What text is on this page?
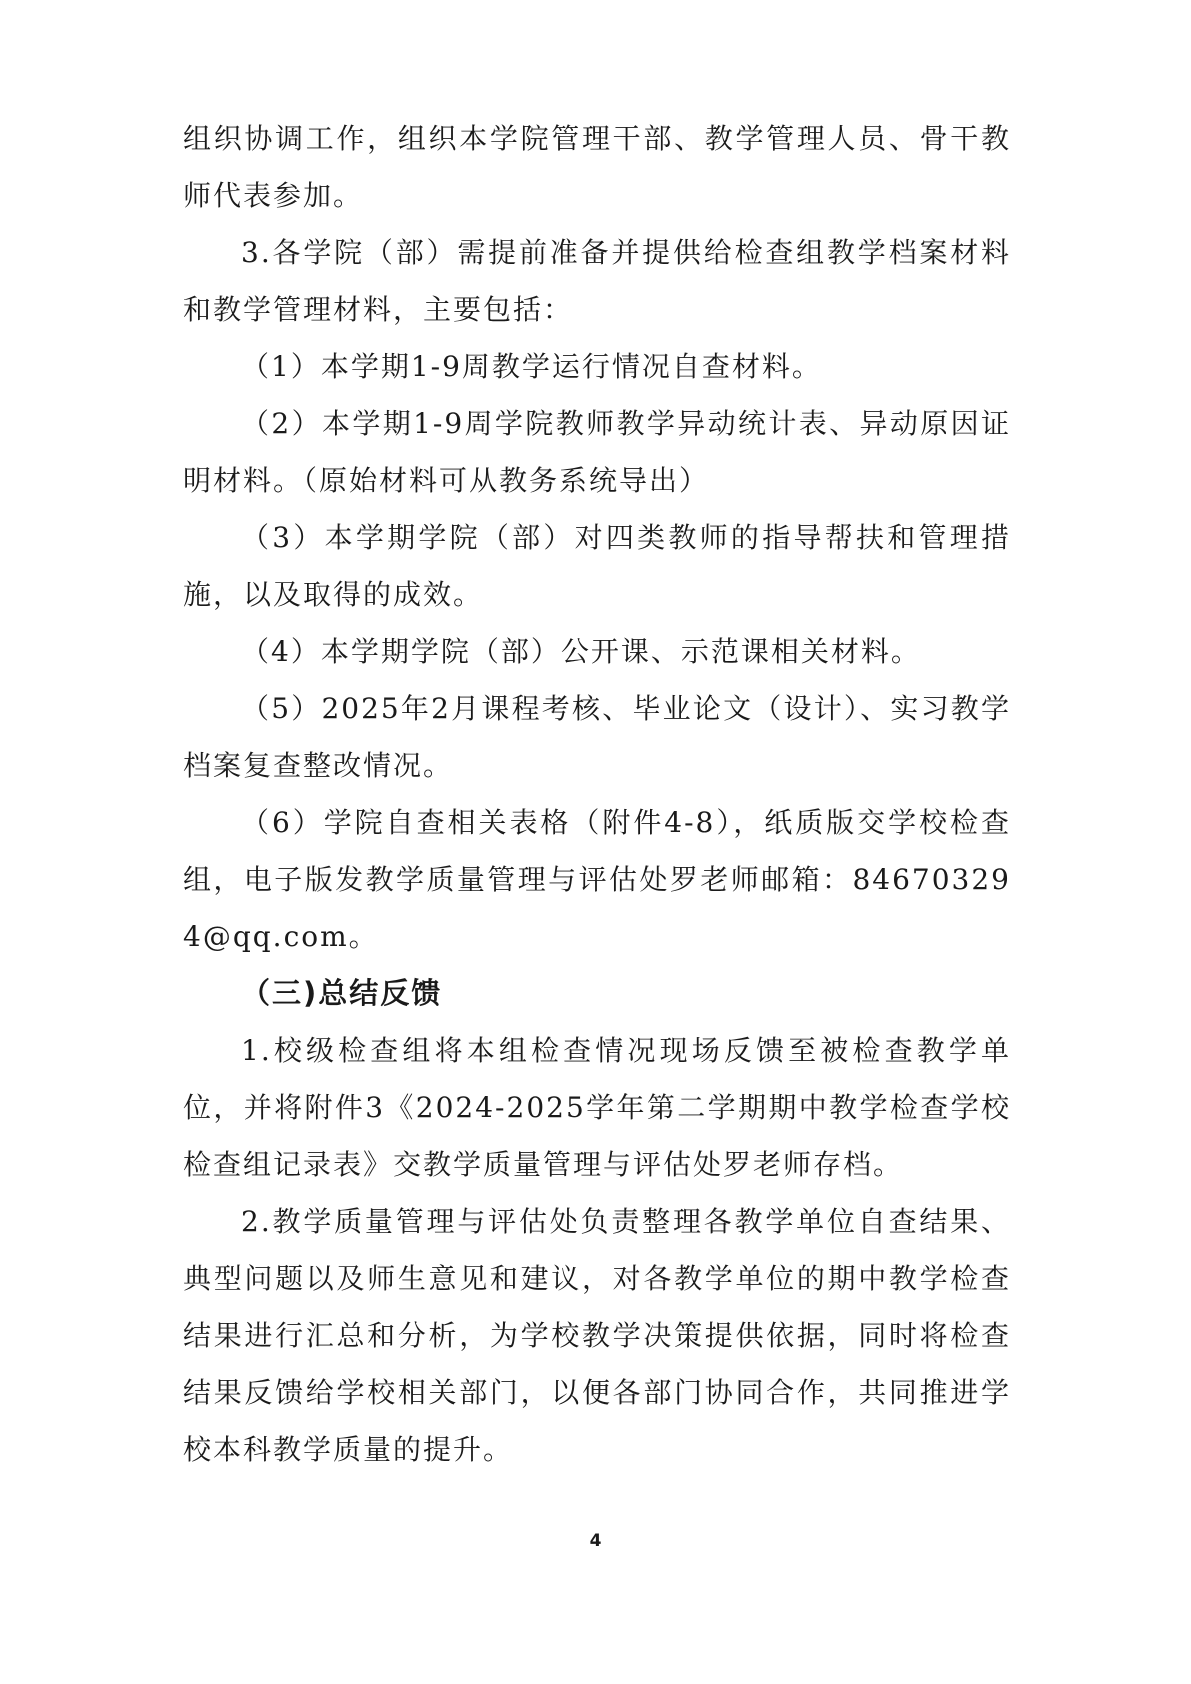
组织协调工作，组织本学院管理干部、教学管理人员、骨干教师代表参加。

3.各学院（部）需提前准备并提供给检查组教学档案材料和教学管理材料，主要包括：

（1）本学期1-9周教学运行情况自查材料。

（2）本学期1-9周学院教师教学异动统计表、异动原因证明材料。（原始材料可从教务系统导出）

（3）本学期学院（部）对四类教师的指导帮扶和管理措施，以及取得的成效。

（4）本学期学院（部）公开课、示范课相关材料。

（5）2025年2月课程考核、毕业论文（设计）、实习教学档案复查整改情况。

（6）学院自查相关表格（附件4-8），纸质版交学校检查组，电子版发教学质量管理与评估处罗老师邮箱：846703294@qq.com。

（三)总结反馈

1.校级检查组将本组检查情况现场反馈至被检查教学单位，并将附件3《2024-2025学年第二学期期中教学检查学校检查组记录表》交教学质量管理与评估处罗老师存档。

2.教学质量管理与评估处负责整理各教学单位自查结果、典型问题以及师生意见和建议，对各教学单位的期中教学检查结果进行汇总和分析，为学校教学决策提供依据，同时将检查结果反馈给学校相关部门，以便各部门协同合作，共同推进学校本科教学质量的提升。

4
